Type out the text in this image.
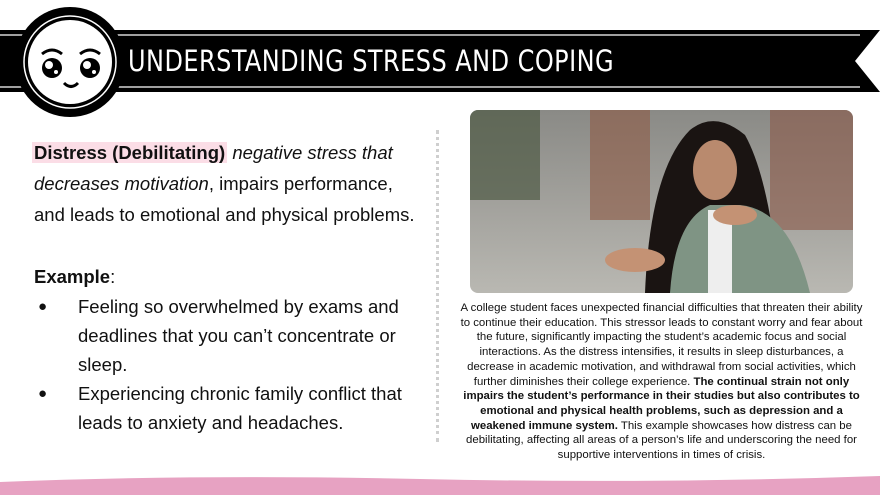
UNDERSTANDING STRESS AND COPING
Distress (Debilitating) negative stress that decreases motivation, impairs performance, and leads to emotional and physical problems.
Example:
● Feeling so overwhelmed by exams and deadlines that you can’t concentrate or sleep.
● Experiencing chronic family conflict that leads to anxiety and headaches.
A college student faces unexpected financial difficulties that threaten their ability to continue their education. This stressor leads to constant worry and fear about the future, significantly impacting the student’s academic focus and social interactions. As the distress intensifies, it results in sleep disturbances, a decrease in academic motivation, and withdrawal from social activities, which further diminishes their college experience. The continual strain not only impairs the student’s performance in their studies but also contributes to emotional and physical health problems, such as depression and a weakened immune system. This example showcases how distress can be debilitating, affecting all areas of a person’s life and underscoring the need for supportive interventions in times of crisis.
